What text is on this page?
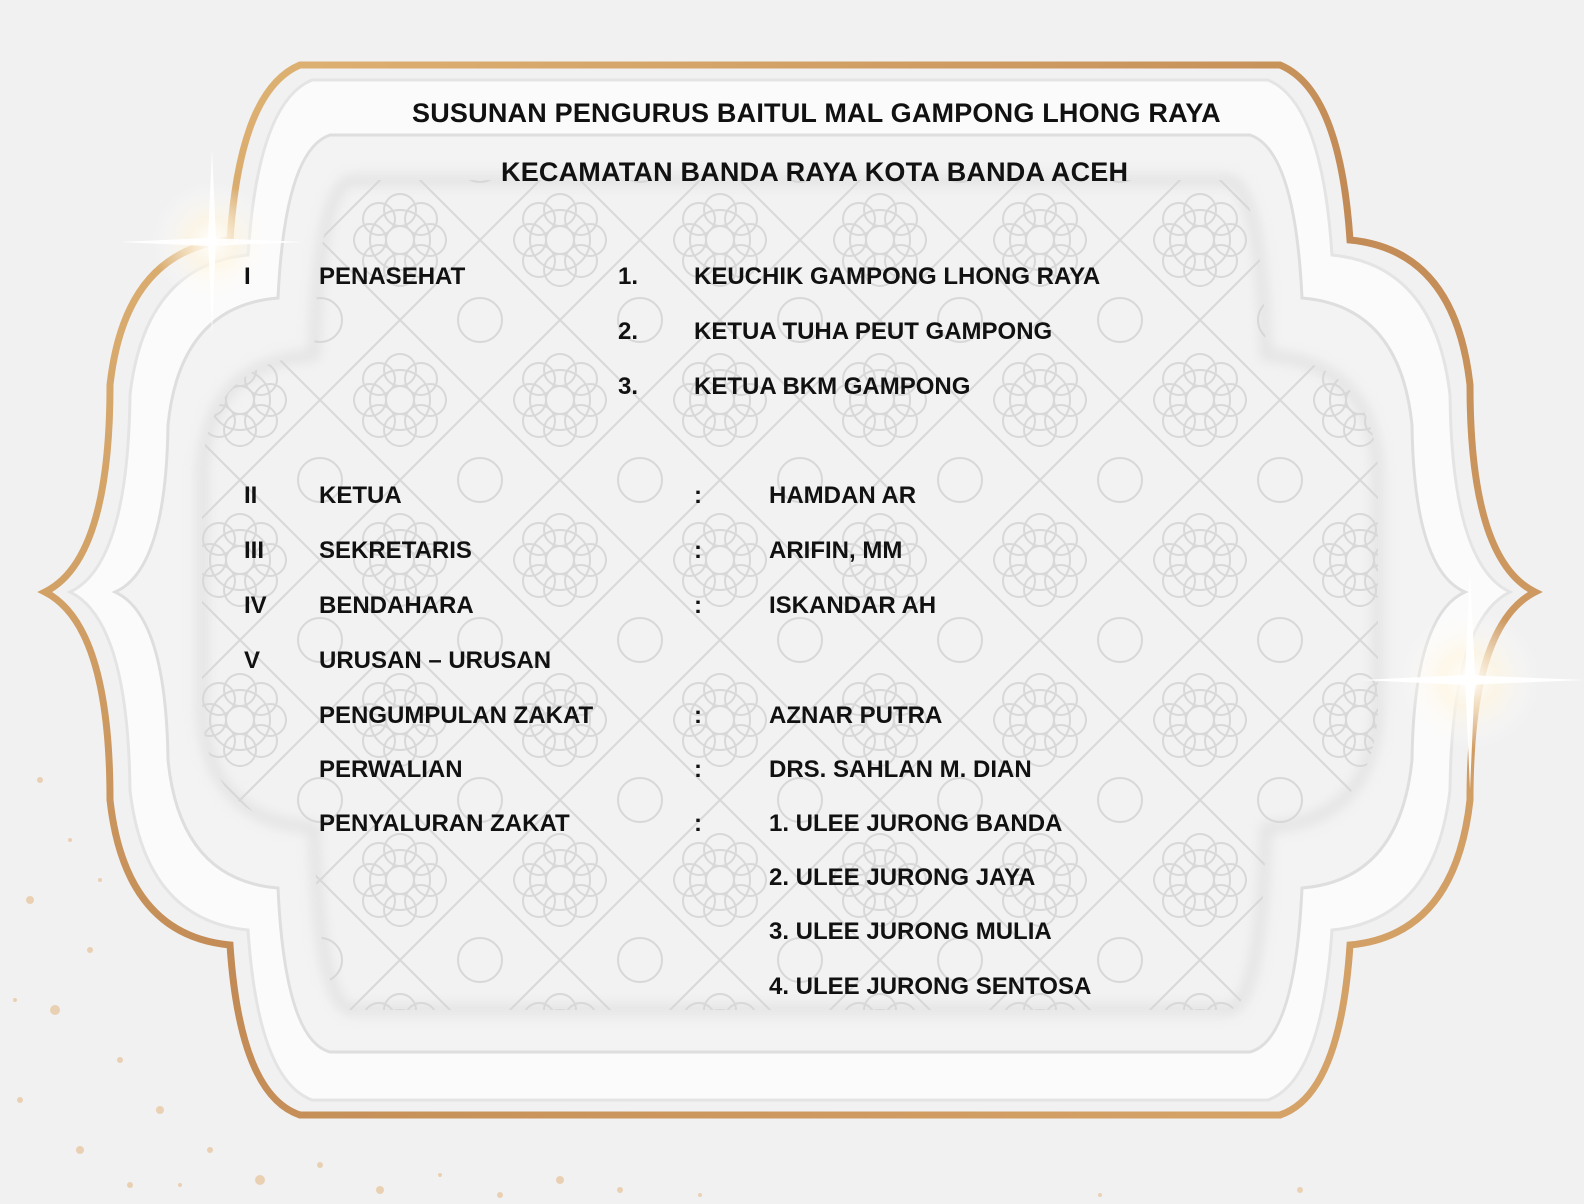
SUSUNAN PENGURUS BAITUL MAL GAMPONG LHONG RAYA
KECAMATAN BANDA RAYA KOTA BANDA ACEH
I	PENASEHAT	1. KEUCHIK GAMPONG LHONG RAYA
2. KETUA TUHA PEUT GAMPONG
3. KETUA BKM GAMPONG
II	KETUA	:	HAMDAN AR
III SEKRETARIS	:	ARIFIN, MM
IV BENDAHARA	:	ISKANDAR AH
V URUSAN – URUSAN
PENGUMPULAN ZAKAT	:	AZNAR PUTRA
PERWALIAN	:	DRS. SAHLAN M. DIAN
PENYALURAN ZAKAT	:	1. ULEE JURONG BANDA
2. ULEE JURONG JAYA
3. ULEE JURONG MULIA
4. ULEE JURONG SENTOSA
